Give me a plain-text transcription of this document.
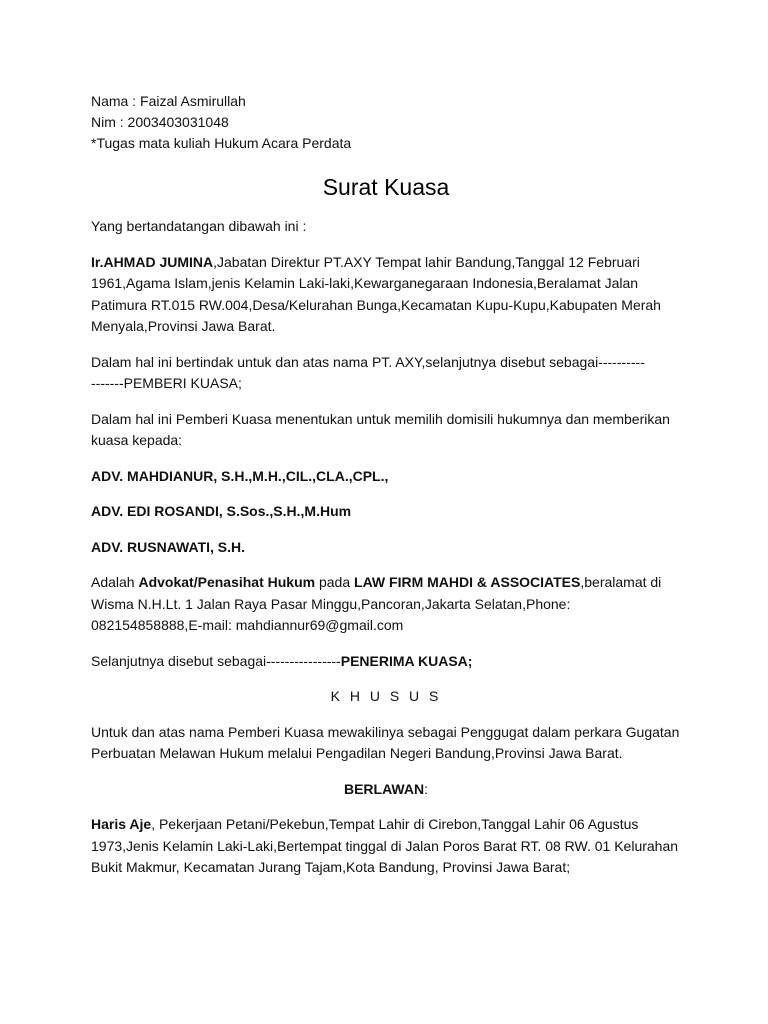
Nama : Faizal Asmirullah

Nim : 2003403031048

*Tugas mata kuliah Hukum Acara Perdata

Surat Kuasa

Yang bertandatangan dibawah ini :

Ir.AHMAD JUMINA,Jabatan Direktur PT.AXY Tempat lahir Bandung,Tanggal 12 Februari 1961,Agama Islam,jenis Kelamin Laki-laki,Kewarganegaraan Indonesia,Beralamat Jalan Patimura RT.015 RW.004,Desa/Kelurahan Bunga,Kecamatan Kupu-Kupu,Kabupaten Merah Menyala,Provinsi Jawa Barat.

Dalam hal ini bertindak untuk dan atas nama PT. AXY,selanjutnya disebut sebagai----------
-------PEMBERI KUASA;

Dalam hal ini Pemberi Kuasa menentukan untuk memilih domisili hukumnya dan memberikan kuasa kepada:

ADV. MAHDIANUR, S.H.,M.H.,CIL.,CLA.,CPL.,

ADV. EDI ROSANDI, S.Sos.,S.H.,M.Hum

ADV. RUSNAWATI, S.H.

Adalah Advokat/Penasihat Hukum pada LAW FIRM MAHDI & ASSOCIATES,beralamat di Wisma N.H.Lt. 1 Jalan Raya Pasar Minggu,Pancoran,Jakarta Selatan,Phone: 082154858888,E-mail: mahdiannur69@gmail.com

Selanjutnya disebut sebagai----------------PENERIMA KUASA;

K H U S U S

Untuk dan atas nama Pemberi Kuasa mewakilinya sebagai Penggugat dalam perkara Gugatan Perbuatan Melawan Hukum melalui Pengadilan Negeri Bandung,Provinsi Jawa Barat.

BERLAWAN:

Haris Aje, Pekerjaan Petani/Pekebun,Tempat Lahir di Cirebon,Tanggal Lahir 06 Agustus 1973,Jenis Kelamin Laki-Laki,Bertempat tinggal di Jalan Poros Barat RT. 08 RW. 01 Kelurahan Bukit Makmur, Kecamatan Jurang Tajam,Kota Bandung, Provinsi Jawa Barat;
